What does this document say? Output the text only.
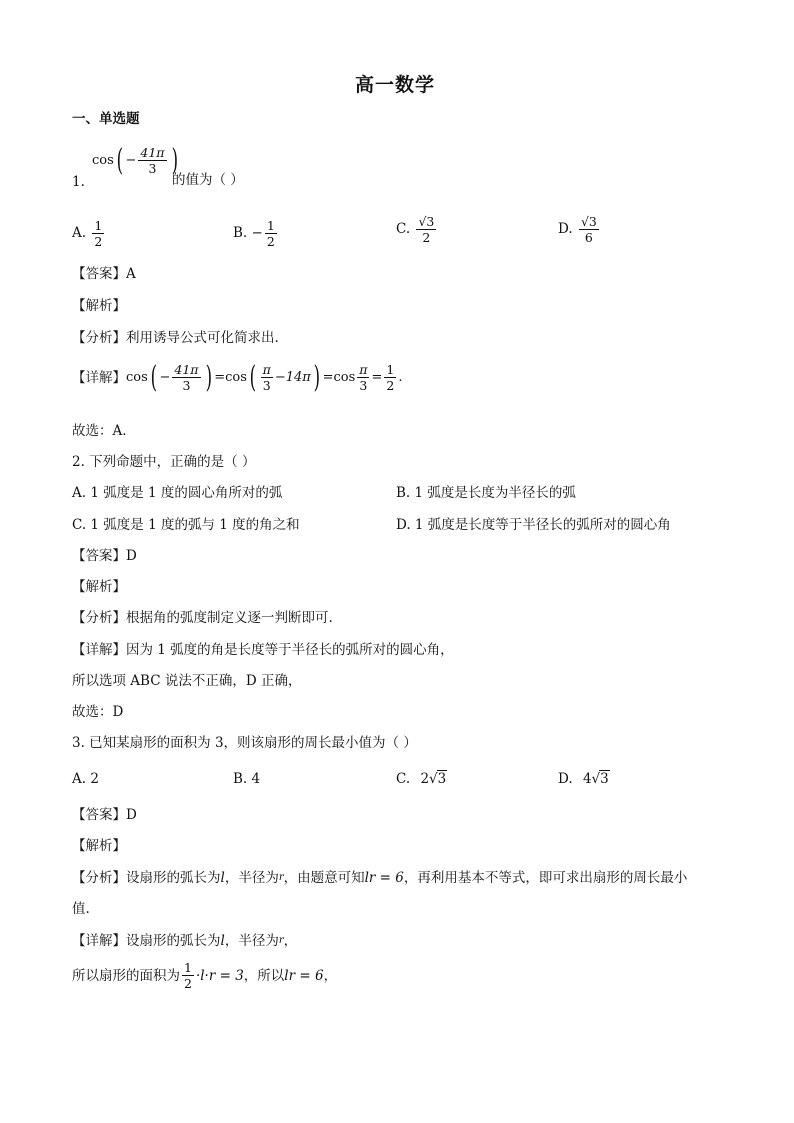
高一数学
一、单选题
1.
cos ( − $\frac{41\pi}{3}$ )
的值为（ ）
A. $\frac{1}{2}$	B. − $\frac{1}{2}$	C. $\frac{√3}{2}$	D. $\frac{√3}{6}$
【答案】A
【解析】
【分析】利用诱导公式可化简求出.
【详解】 cos ( − $\frac{41\pi}{3}$ ) = cos ( $\frac{\pi}{3} -14\pi$ ) = $\cos \frac{\pi}{3} = \frac{1}{2}$ .
故选：A.
2. 下列命题中，正确的是（ ）
A. 1 弧度是 1 度的圆心角所对的弧	B. 1 弧度是长度为半径长的弧
C. 1 弧度是 1 度的弧与 1 度的角之和	D. 1 弧度是长度等于半径长的弧所对的圆心角
【答案】D
【解析】
【分析】根据角的弧度制定义逐一判断即可.
【详解】因为 1 弧度的角是长度等于半径长的弧所对的圆心角，
所以选项 ABC 说法不正确，D 正确，
故选：D
3. 已知某扇形的面积为 3，则该扇形的周长最小值为（ ）
A. 2	B. 4	C. 2√3	D. 4√3
【答案】D
【解析】
【分析】设扇形的弧长为l，半径为$^r$，由题意可知lr = 6，再利用基本不等式，即可求出扇形的周长最小
值.
【详解】设扇形的弧长为l，半径为$^r$，
所以扇形的面积为 $\frac{1}{2} \cdot l\cdot r = 3$ ，所以 lr = 6 ，
